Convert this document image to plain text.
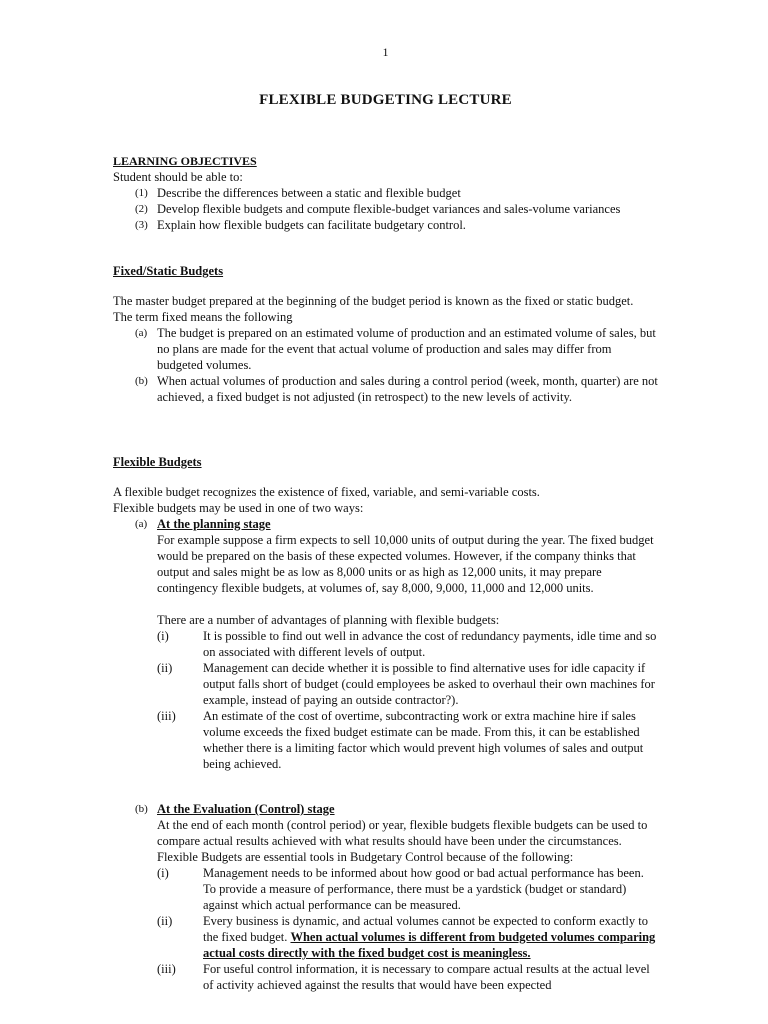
1
FLEXIBLE BUDGETING LECTURE
LEARNING OBJECTIVES
Student should be able to:
(1) Describe the differences between a static and flexible budget
(2) Develop flexible budgets and compute flexible-budget variances and sales-volume variances
(3) Explain how flexible budgets can facilitate budgetary control.
Fixed/Static Budgets

The master budget prepared at the beginning of the budget period is known as the fixed or static budget.

The term fixed means the following

(a) The budget is prepared on an estimated volume of production and an estimated volume of sales, but no plans are made for the event that actual volume of production and sales may differ from budgeted volumes.
(b) When actual volumes of production and sales during a control period (week, month, quarter) are not achieved, a fixed budget is not adjusted (in retrospect) to the new levels of activity.
Flexible Budgets

A flexible budget recognizes the existence of fixed, variable, and semi-variable costs.

Flexible budgets may be used in one of two ways:

(a) At the planning stage

For example suppose a firm expects to sell 10,000 units of output during the year. The fixed budget would be prepared on the basis of these expected volumes. However, if the company thinks that output and sales might be as low as 8,000 units or as high as 12,000 units, it may prepare contingency flexible budgets, at volumes of, say 8,000, 9,000, 11,000 and 12,000 units.

There are a number of advantages of planning with flexible budgets:

(i)	It is possible to find out well in advance the cost of redundancy payments, idle time and so on associated with different levels of output.
(ii)	Management can decide whether it is possible to find alternative uses for idle capacity if output falls short of budget (could employees be asked to overhaul their own machines for example, instead of paying an outside contractor?).
(iii)	An estimate of the cost of overtime, subcontracting work or extra machine hire if sales volume exceeds the fixed budget estimate can be made. From this, it can be established whether there is a limiting factor which would prevent high volumes of sales and output being achieved.
(b) At the Evaluation (Control) stage

At the end of each month (control period) or year, flexible budgets flexible budgets can be used to compare actual results achieved with what results should have been under the circumstances.

Flexible Budgets are essential tools in Budgetary Control because of the following:

(i)	Management needs to be informed about how good or bad actual performance has been. To provide a measure of performance, there must be a yardstick (budget or standard) against which actual performance can be measured.
(ii)	Every business is dynamic, and actual volumes cannot be expected to conform exactly to the fixed budget. When actual volumes is different from budgeted volumes comparing actual costs directly with the fixed budget cost is meaningless.
(iii)	For useful control information, it is necessary to compare actual results at the actual level of activity achieved against the results that would have been expected
